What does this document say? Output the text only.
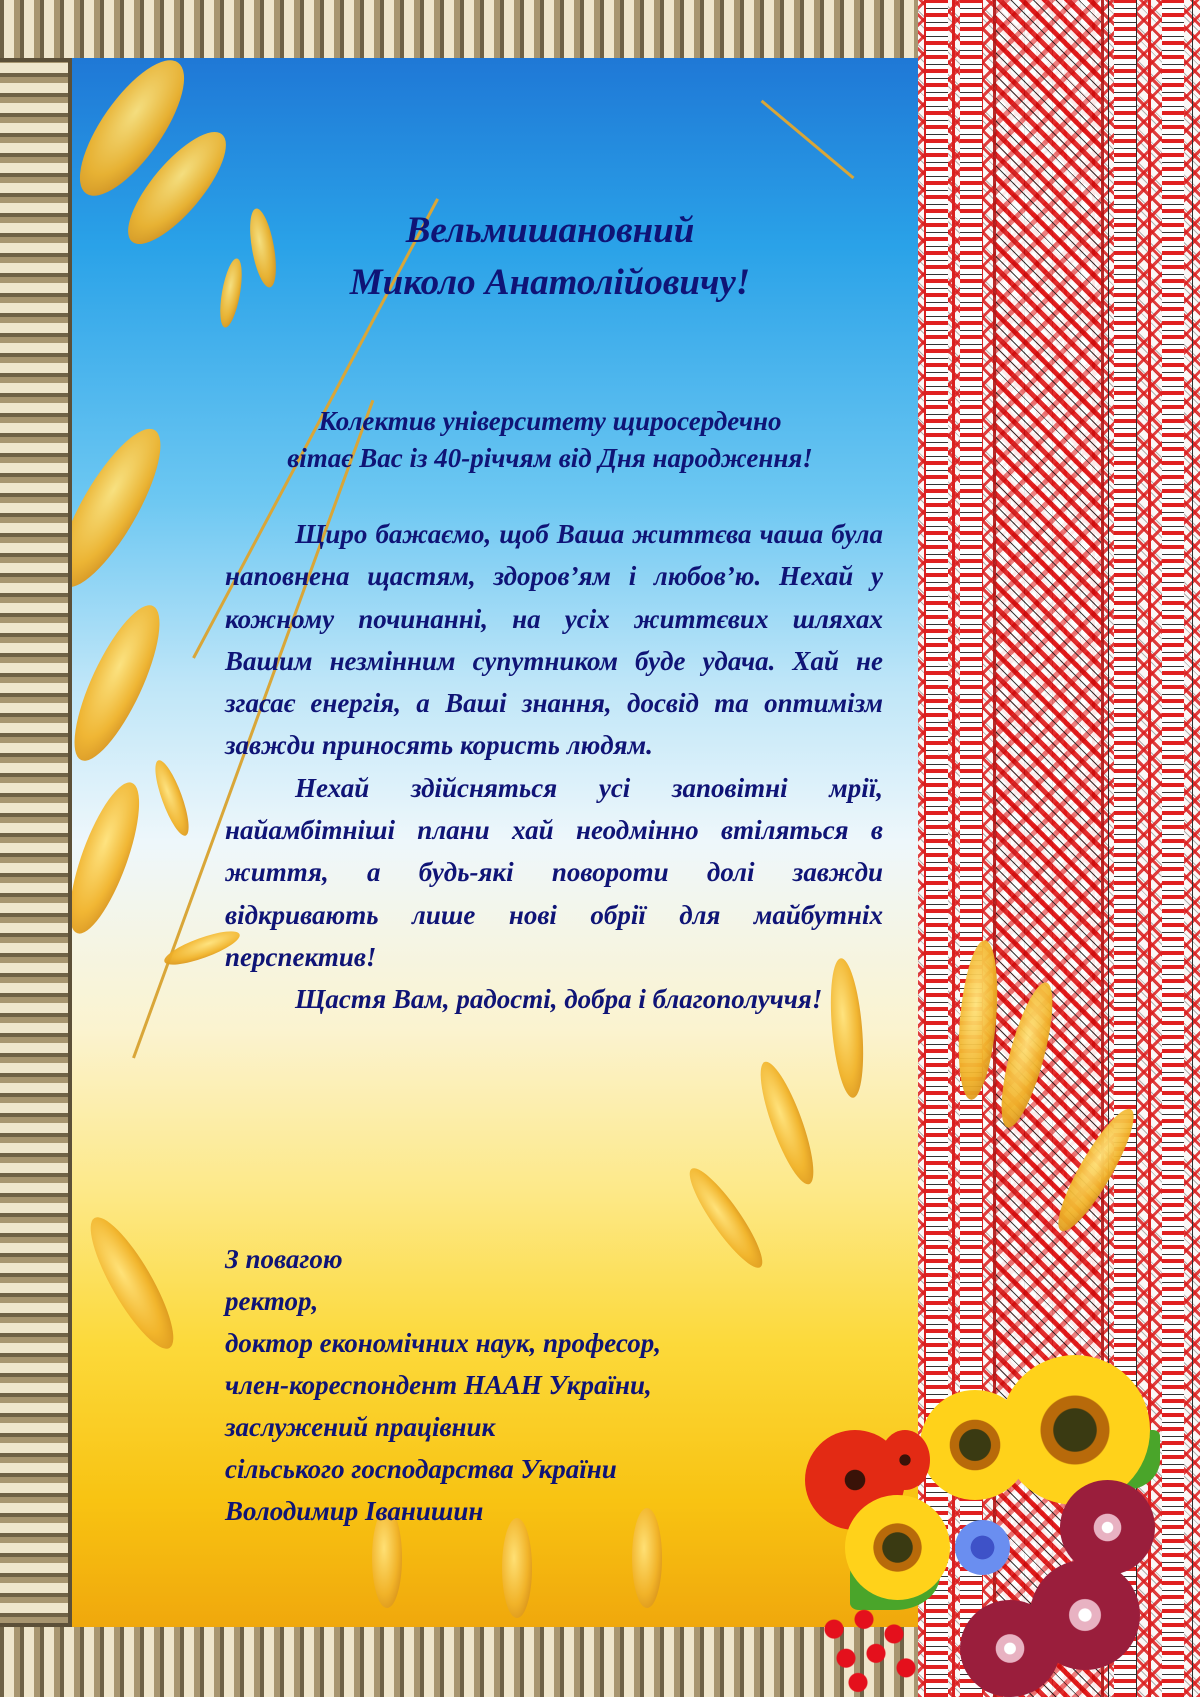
Вельмишановний
Миколо Анатолійовичу!
Колектив університету щиросердечно
вітає Вас із 40-річчям від Дня народження!

Щиро бажаємо, щоб Ваша життєва чаша була наповнена щастям, здоров’ям і любов’ю. Нехай у кожному починанні, на усіх життєвих шляхах Вашим незмінним супутником буде удача. Хай не згасає енергія, а Ваші знання, досвід та оптимізм завжди приносять користь людям.

Нехай здійсняться усі заповітні мрії, найамбітніші плани хай неодмінно втіляться в життя, а будь-які повороти долі завжди відкривають лише нові обрії для майбутніх перспектив!

Щастя Вам, радості, добра і благополуччя!

З повагою
ректор,
доктор економічних наук, професор,
член-кореспондент НААН України,
заслужений працівник
сільського господарства України
Володимир Іванишин
